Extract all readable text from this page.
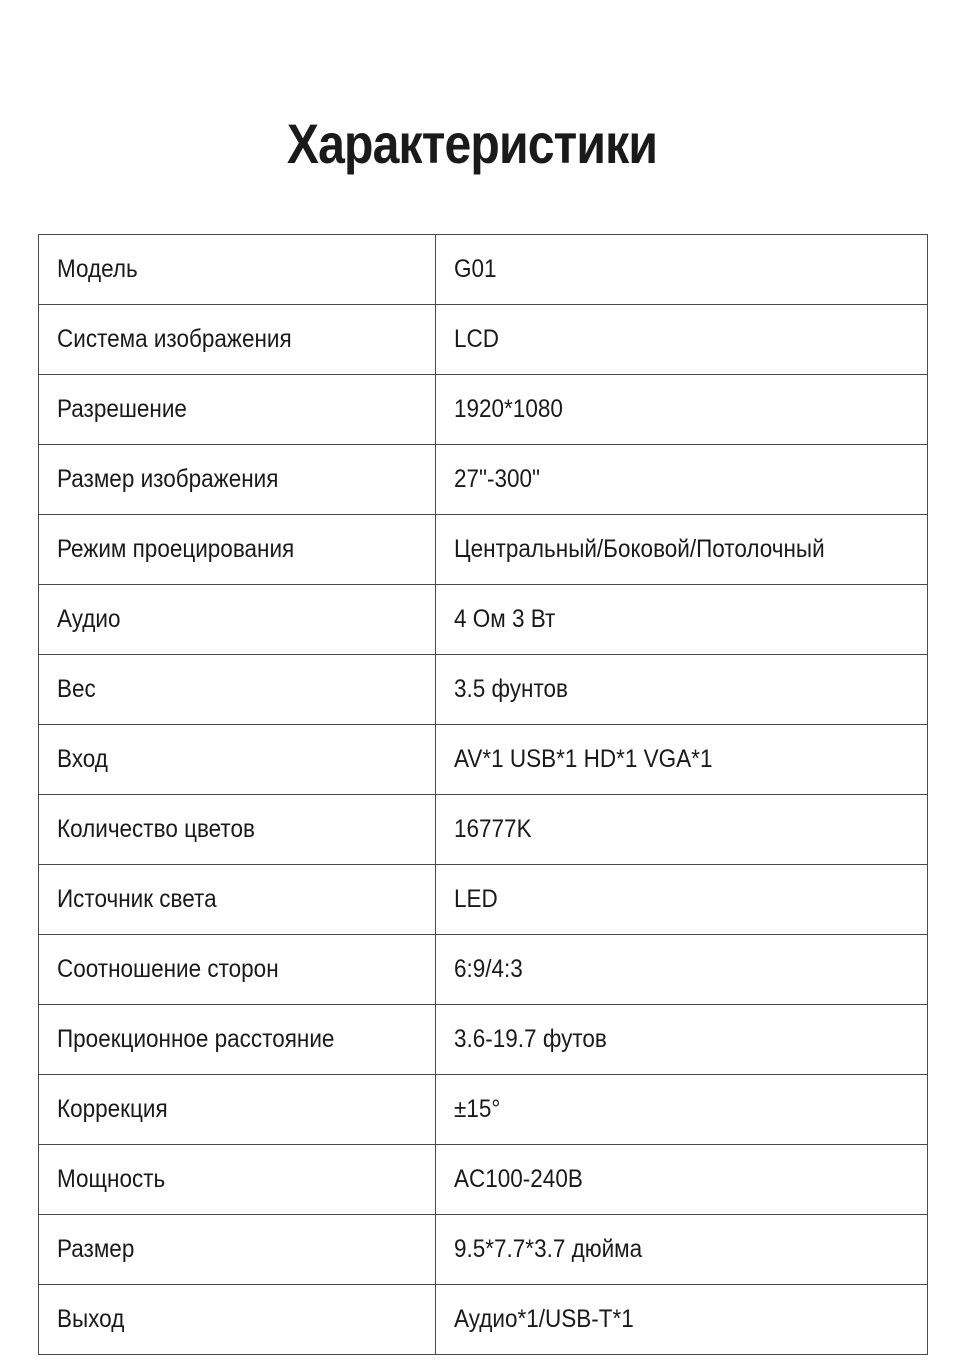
Характеристики
Модель	G01
Система изображения	LCD
Разрешение	1920*1080
Размер изображения	27"-300"
Режим проецирования	Центральный/Боковой/Потолочный
Аудио	4 Ом 3 Вт
Вес	3.5 фунтов
Вход	AV*1 USB*1 HD*1 VGA*1
Количество цветов	16777K
Источник света	LED
Соотношение сторон	6:9/4:3
Проекционное расстояние	3.6-19.7 футов
Коррекция	±15°
Мощность	AC100-240В
Размер	9.5*7.7*3.7 дюйма
Выход	Аудио*1/USB-T*1
